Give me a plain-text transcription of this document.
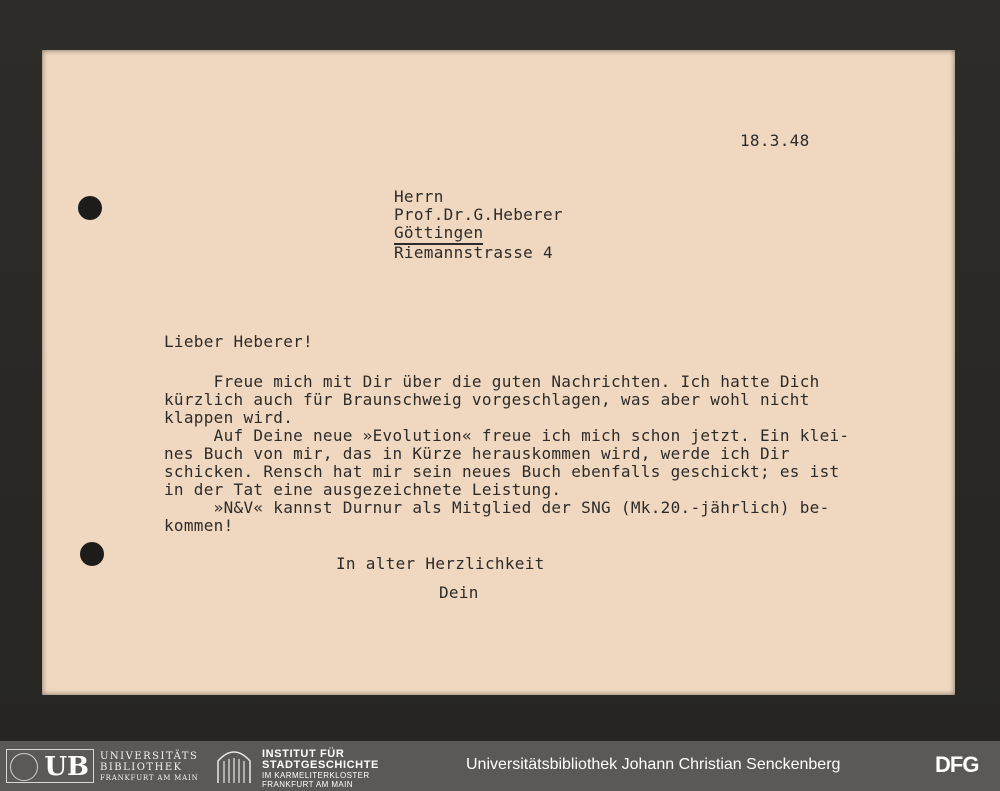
18.3.48
Herrn
Prof.Dr.G.Heberer
Göttingen
Riemannstrasse 4
Lieber Heberer!
Freue mich mit Dir über die guten Nachrichten. Ich hatte Dich
kürzlich auch für Braunschweig vorgeschlagen, was aber wohl nicht
klappen wird.
Auf Deine neue »Evolution« freue ich mich schon jetzt. Ein klei-
nes Buch von mir, das in Kürze herauskommen wird, werde ich Dir
schicken. Rensch hat mir sein neues Buch ebenfalls geschickt; es ist
in der Tat eine ausgezeichnete Leistung.
»N&V« kannst Durnur als Mitglied der SNG (Mk.20.-jährlich) be-
kommen!
In alter Herzlichkeit
Dein
UB	UNIVERSITÄTS
BIBLIOTHEK
FRANKFURT AM MAIN
INSTITUT FÜR
STADTGESCHICHTE
IM KARMELITERKLOSTER
FRANKFURT AM MAIN
Universitätsbibliothek Johann Christian Senckenberg	DFG
